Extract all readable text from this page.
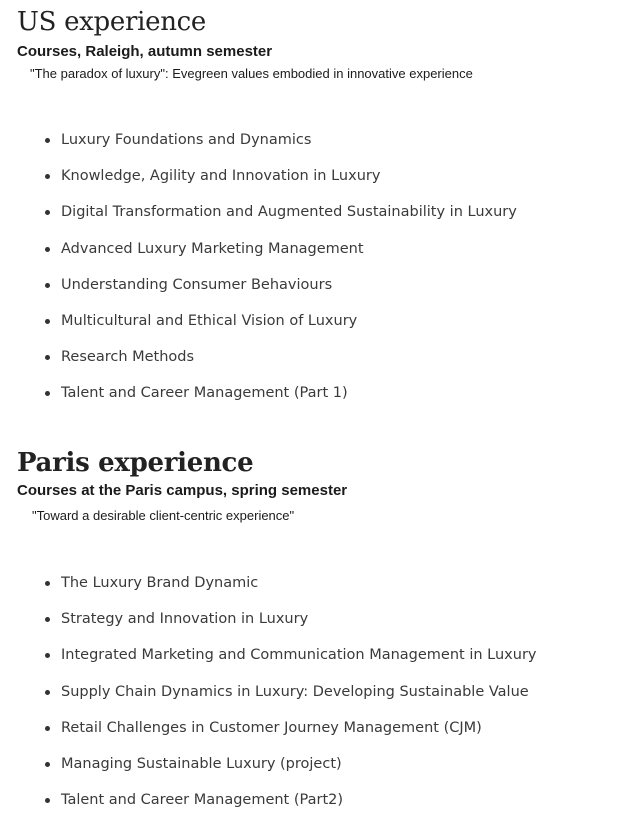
US experience
Courses, Raleigh, autumn semester
"The paradox of luxury": Evegreen values embodied in innovative experience
Luxury Foundations and Dynamics
Knowledge, Agility and Innovation in Luxury
Digital Transformation and Augmented Sustainability in Luxury
Advanced Luxury Marketing Management
Understanding Consumer Behaviours
Multicultural and Ethical Vision of Luxury
Research Methods
Talent and Career Management (Part 1)
Paris experience
Courses at the Paris campus, spring semester
"Toward a desirable client-centric experience"
The Luxury Brand Dynamic
Strategy and Innovation in Luxury
Integrated Marketing and Communication Management in Luxury
Supply Chain Dynamics in Luxury: Developing Sustainable Value
Retail Challenges in Customer Journey Management (CJM)
Managing Sustainable Luxury (project)
Talent and Career Management (Part2)
